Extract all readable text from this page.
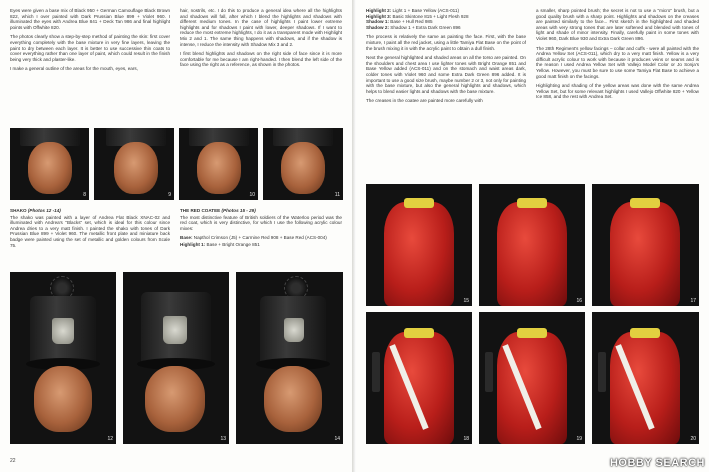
Eyes were given a base mix of Black 950 + German Camouflage Black Brown 822, which I over painted with Dark Prussian Blue 899 + Violet 960. I illuminated the eyes with Andrea Blue 841 + Deck Tan 986 and final highlight points with Offwhite 820.

The photos clearly show a step-by-step method of painting the skin: first cover everything completely with the base mixture in very fine layers, leaving the paint to dry between each layer. It is better to use successive thin coats to cover everything rather than one layer of paint, which could result in the finish being very thick and plaster-like.

I make a general outline of the areas for the mouth, eyes, ears,

hair, nostrils, etc. I do this to produce a general idea where all the highlights and shadows will fall, after which I blend the highlights and shadows with different medium tones. In the case of highlights I paint lower extreme highlights and for shadows I paint with lower, deeper shadows. If I want to reduce the most extreme highlights, I do it as a transparent mode with Highlight Mix 2 and 1. The same thing happens with shadows, and if the shadow is intense, I reduce the intensity with Shadow Mix 3 and 2.

I first blend highlights and shadows on the right side of face since it is more comfortable for me because I am right-handed. I then blend the left side of the face using the right as a reference, as shown in the photos.

8	9	10	11
SHAKO (Photos 12 -14)

The shako was painted with a layer of Andrea Flat Black XNAC-02 and illuminated with Andrea's "Blacks" set, which is ideal for this colour since Andrea dries to a very matt finish. I painted the shako with tones of Dark Prussian Blue 899 + Violet 960. The metallic front plate and miniature back badge were painted using the set of metallic and golden colours from Scale 75.

THE RED COATEE (Photos 15 - 29)

The most distinctive feature of British soldiers of the Waterloo period was the red coat, which is very distinctive, for which I use the following acrylic colour mixes:

Base: Napthol Crimson (J5) + Carmine Red 908 + Base Red (ACS-004)

Highlight 1: Base + Bright Orange 851

12	13	14
22
Highlight 2: Light 1 + Base Yellow (ACS-011)
Highlight 3: Basic Skintone 815 + Light Flesh 928
Shadow 1: Base + Hull Red 985
Shadow 2: Shadow 1 + Extra Dark Green 896

The process is relatively the same as painting the face. First, with the base mixture, I paint all the red jacket, using a little Tamiya Flat Base on the point of the brush mixing it in with the acrylic paint to obtain a dull finish.

Next the general highlighted and shaded areas on all the torso are painted. On the shoulders and chest area I use lighter tones with Bright Orange 851 and Base Yellow added (ACS-011) and on the stomach and waist areas dark, colder tones with Violet 960 and some Extra Dark Green 896 added. It is important to use a good size brush, maybe number 2 or 3, not only for painting with the base mixture, but also the general highlights and shadows, which helps to blend easier lights and shadows with the base mixture.

The creases in the coatee are painted more carefully with

a smaller, sharp pointed brush; the secret is not to use a "micro" brush, but a good quality brush with a sharp point. Highlights and shadows on the creases are painted similarly to the face... First sketch in the highlighted and shaded areas with very strong tones that are later softened and blended with tones of light and shade of minor intensity. Finally, carefully paint in some tones with Violet 960, Dark Blue 930 and Extra Dark Green 896.

The 28th Regiment's yellow facings – collar and cuffs - were all painted with the Andrea Yellow Set (ACS-011), which dry to a very matt finish. Yellow is a very difficult acrylic colour to work with because it produces veins or seams and is the reason I used Andrea Yellow Set with Vallejo Model Color or Jo Sonja's Yellow. However, you must be sure to use some Tamiya Flat Base to achieve a good matt finish on the facings.

Highlighting and shading of the yellow areas was done with the same Andrea Yellow Set, but for some relevant highlights I used Vallejo Offwhite 820 + Yellow Ice 858, and the rest with Andrea Set.

15	16	17
18	19	20
HOBBY SEARCH
